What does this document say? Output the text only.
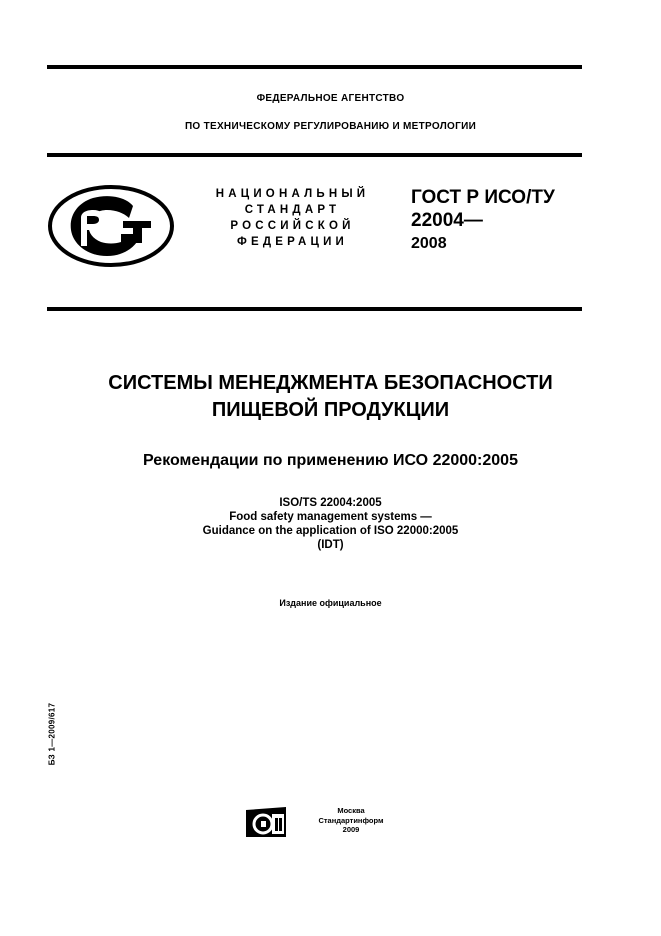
ФЕДЕРАЛЬНОЕ АГЕНТСТВО
ПО ТЕХНИЧЕСКОМУ РЕГУЛИРОВАНИЮ И МЕТРОЛОГИИ
НАЦИОНАЛЬНЫЙ
СТАНДАРТ
РОССИЙСКОЙ
ФЕДЕРАЦИИ
ГОСТ Р ИСО/ТУ
22004—
2008
СИСТЕМЫ МЕНЕДЖМЕНТА БЕЗОПАСНОСТИ
ПИЩЕВОЙ ПРОДУКЦИИ
Рекомендации по применению ИСО 22000:2005
ISO/TS 22004:2005
Food safety management systems —
Guidance on the application of ISO 22000:2005
(IDT)
Издание официальное
БЗ 1—2009/617
Москва
Стандартинформ
2009
